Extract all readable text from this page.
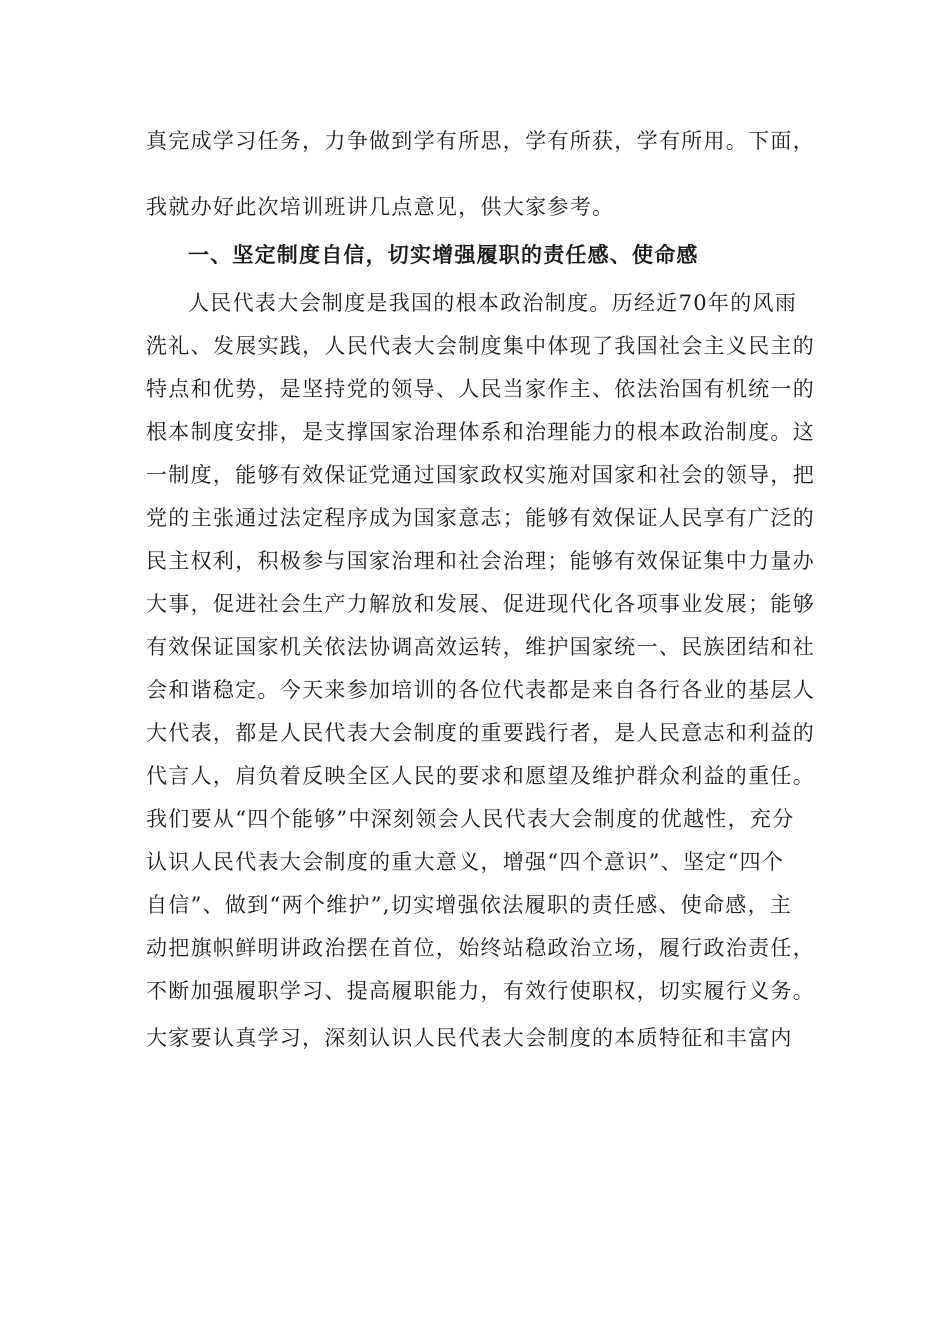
真完成学习任务，力争做到学有所思，学有所获，学有所用。下面，
我就办好此次培训班讲几点意见，供大家参考。
一、坚定制度自信，切实增强履职的责任感、使命感
人民代表大会制度是我国的根本政治制度。历经近70年的风雨
洗礼、发展实践，人民代表大会制度集中体现了我国社会主义民主的
特点和优势，是坚持党的领导、人民当家作主、依法治国有机统一的
根本制度安排，是支撑国家治理体系和治理能力的根本政治制度。这
一制度，能够有效保证党通过国家政权实施对国家和社会的领导，把
党的主张通过法定程序成为国家意志；能够有效保证人民享有广泛的
民主权利，积极参与国家治理和社会治理；能够有效保证集中力量办
大事，促进社会生产力解放和发展、促进现代化各项事业发展；能够
有效保证国家机关依法协调高效运转，维护国家统一、民族团结和社
会和谐稳定。今天来参加培训的各位代表都是来自各行各业的基层人
大代表，都是人民代表大会制度的重要践行者，是人民意志和利益的
代言人，肩负着反映全区人民的要求和愿望及维护群众利益的重任。
我们要从“四个能够”中深刻领会人民代表大会制度的优越性，充分
认识人民代表大会制度的重大意义，增强“四个意识”、坚定“四个
自信”、做到“两个维护”,切实增强依法履职的责任感、使命感，主
动把旗帜鲜明讲政治摆在首位，始终站稳政治立场，履行政治责任，
不断加强履职学习、提高履职能力，有效行使职权，切实履行义务。
大家要认真学习，深刻认识人民代表大会制度的本质特征和丰富内
